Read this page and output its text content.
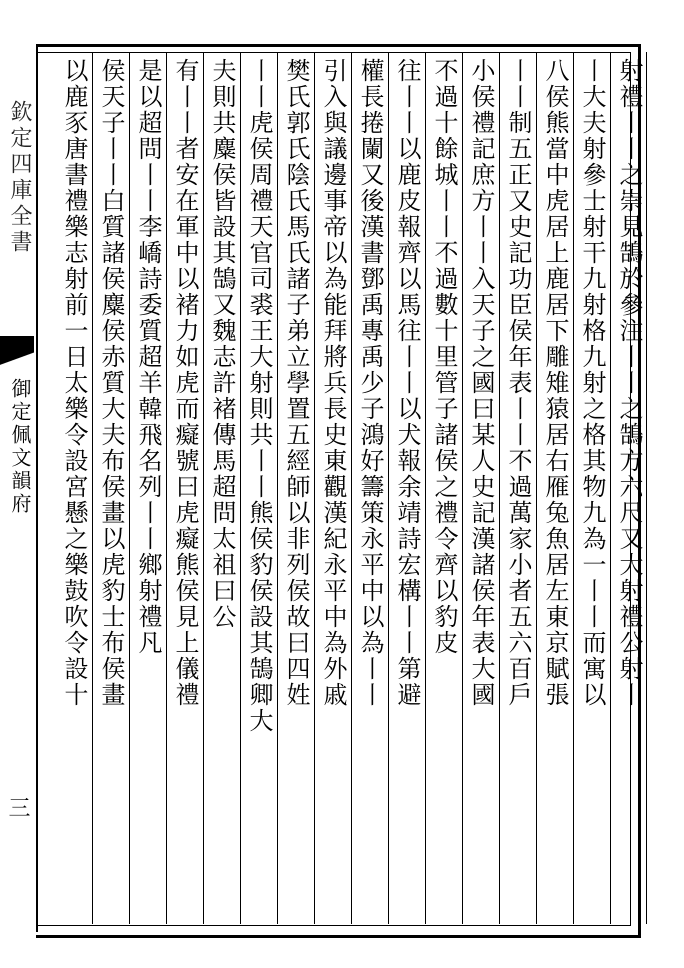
欽定四庫全書
御定佩文韻府
三
射禮丨丨之崇見鵠於參注丨丨之鵠方六尺又大射禮公射丨
丨大夫射參士射干九射格九射之格其物九為一丨丨而寓以
八侯熊當中虎居上鹿居下雕雉猿居右雁兔魚居左東京賦張
丨丨制五正又史記功臣侯年表丨丨不過萬家小者五六百戶
小侯禮記庶方丨丨入天子之國曰某人史記漢諸侯年表大國
不過十餘城丨丨不過數十里管子諸侯之禮令齊以豹皮
往丨丨以鹿皮報齊以馬往丨丨以犬報余靖詩宏構丨丨第避
權長捲闌又後漢書鄧禹專禹少子鴻好籌策永平中以為丨丨
引入與議邊事帝以為能拜將兵長史東觀漢紀永平中為外戚
樊氏郭氏陰氏馬氏諸子弟立學置五經師以非列侯故曰四姓
丨丨虎侯周禮天官司裘王大射則共丨丨熊侯豹侯設其鵠卿大
夫則共麋侯皆設其鵠又魏志許褚傳馬超問太祖曰公
有丨丨者安在軍中以褚力如虎而癡號曰虎癡熊侯見上儀禮
是以超問丨丨李嶠詩委質超羊韓飛名列丨丨鄉射禮凡
侯天子丨丨白質諸侯麋侯赤質大夫布侯畫以虎豹士布侯畫
以鹿豕唐書禮樂志射前一日太樂令設宮懸之樂鼓吹令設十
